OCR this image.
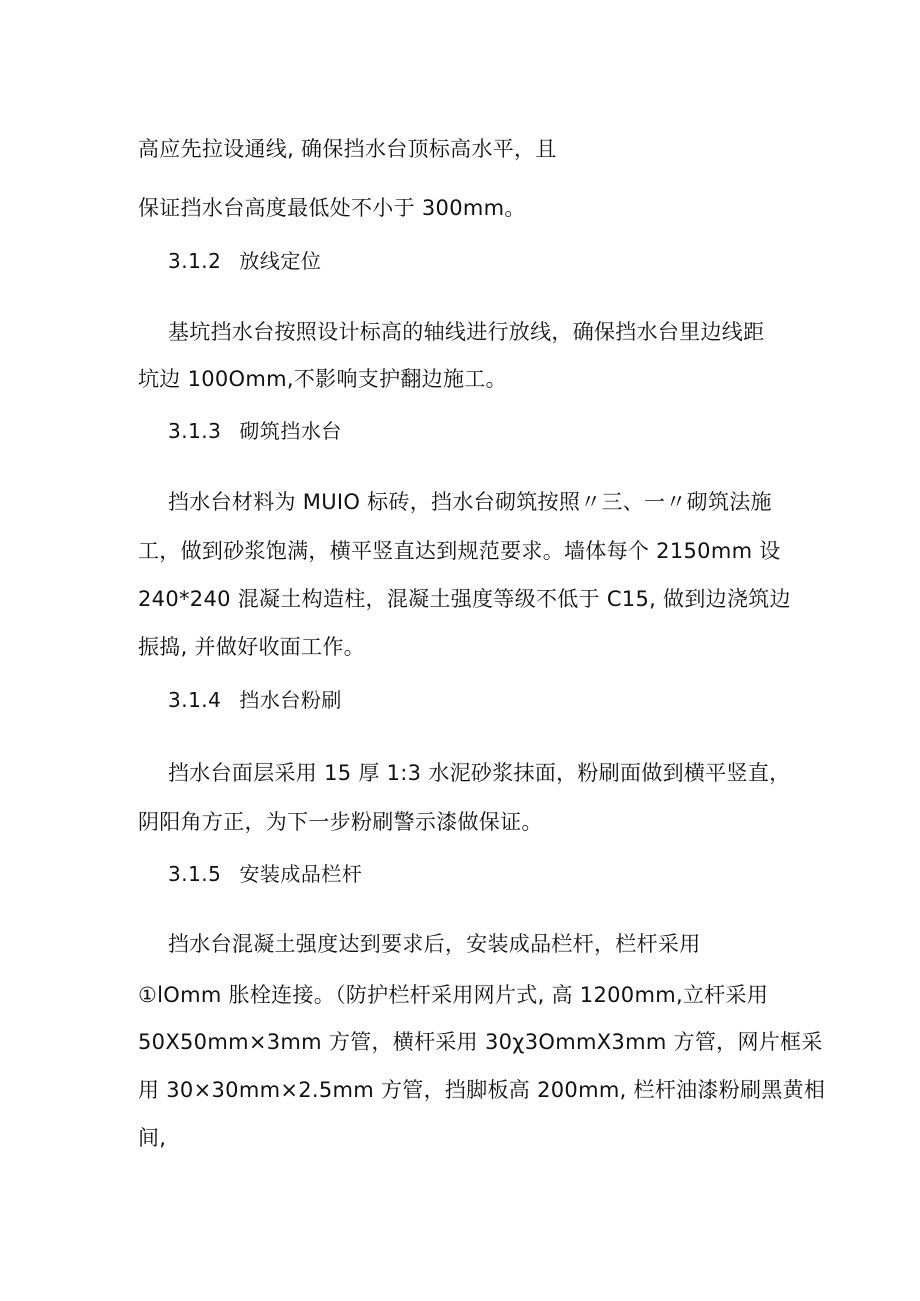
高应先拉设通线, 确保挡水台顶标高水平，且
保证挡水台高度最低处不小于 300mm。
3.1.2 放线定位
基坑挡水台按照设计标高的轴线进行放线，确保挡水台里边线距
坑边 100Omm,不影响支护翻边施工。
3.1.3 砌筑挡水台
挡水台材料为 MUIO 标砖，挡水台砌筑按照〃三、一〃砌筑法施
工，做到砂浆饱满，横平竖直达到规范要求。墙体每个 2150mm 设
240*240 混凝土构造柱，混凝土强度等级不低于 C15, 做到边浇筑边
振捣, 并做好收面工作。
3.1.4 挡水台粉刷
挡水台面层采用 15 厚 1:3 水泥砂浆抹面，粉刷面做到横平竖直，
阴阳角方正，为下一步粉刷警示漆做保证。
3.1.5 安装成品栏杆
挡水台混凝土强度达到要求后，安装成品栏杆，栏杆采用
①lOmm 胀栓连接。（防护栏杆采用网片式, 高 1200mm,立杆采用
50X50mm×3mm 方管，横杆采用 30χ3OmmX3mm 方管，网片框采
用 30×30mm×2.5mm 方管，挡脚板高 200mm, 栏杆油漆粉刷黑黄相
间,
